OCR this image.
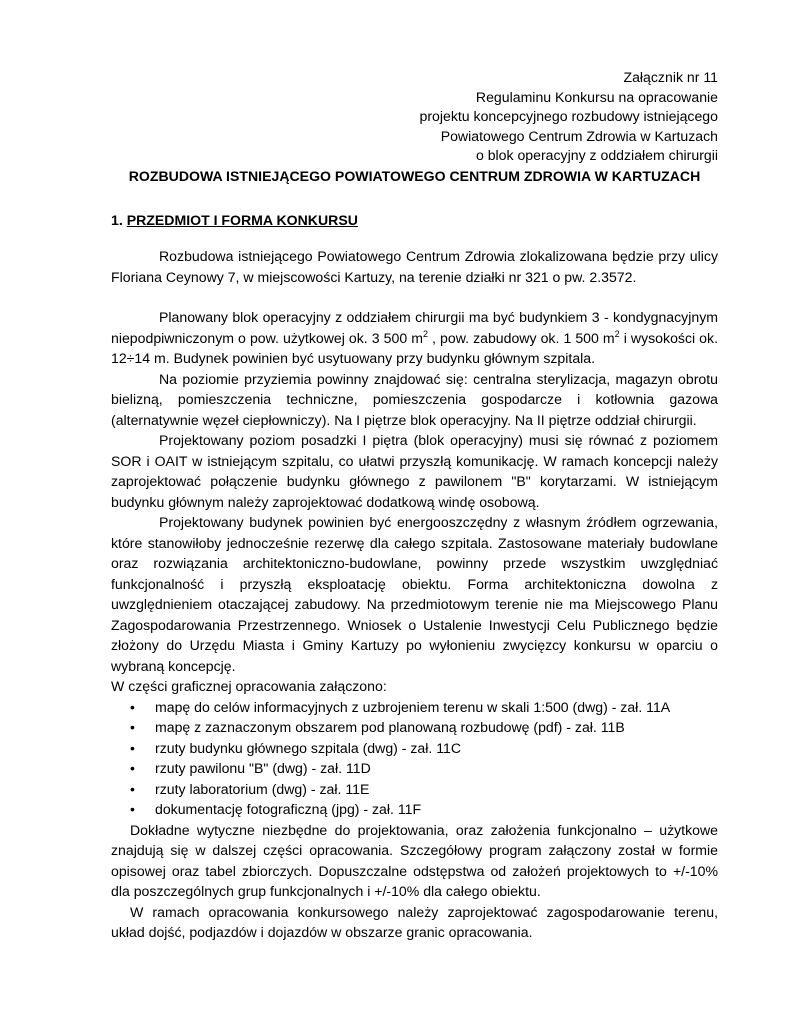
Załącznik nr 11
Regulaminu Konkursu na opracowanie
projektu koncepcyjnego rozbudowy istniejącego
Powiatowego Centrum Zdrowia w Kartuzach
o blok operacyjny z oddziałem chirurgii
ROZBUDOWA ISTNIEJĄCEGO POWIATOWEGO CENTRUM ZDROWIA W KARTUZACH
1. PRZEDMIOT I FORMA KONKURSU

Rozbudowa istniejącego Powiatowego Centrum Zdrowia zlokalizowana będzie przy ulicy Floriana Ceynowy 7, w miejscowości Kartuzy, na terenie działki nr 321 o pw. 2.3572.

Planowany blok operacyjny z oddziałem chirurgii ma być budynkiem 3 - kondygnacyjnym niepodpiwniczonym o pow. użytkowej ok. 3 500 $m^2$ , pow. zabudowy ok. 1 500 $m^2$ i wysokości ok. 12÷14 m. Budynek powinien być usytuowany przy budynku głównym szpitala.

Na poziomie przyziemia powinny znajdować się: centralna sterylizacja, magazyn obrotu bielizną, pomieszczenia techniczne, pomieszczenia gospodarcze i kotłownia gazowa (alternatywnie węzeł ciepłowniczy). Na I piętrze blok operacyjny. Na II piętrze oddział chirurgii.

Projektowany poziom posadzki I piętra (blok operacyjny) musi się równać z poziomem SOR i OAIT w istniejącym szpitalu, co ułatwi przyszłą komunikację. W ramach koncepcji należy zaprojektować połączenie budynku głównego z pawilonem "B" korytarzami. W istniejącym budynku głównym należy zaprojektować dodatkową windę osobową.

Projektowany budynek powinien być energooszczędny z własnym źródłem ogrzewania, które stanowiłoby jednocześnie rezerwę dla całego szpitala. Zastosowane materiały budowlane oraz rozwiązania architektoniczno-budowlane, powinny przede wszystkim uwzględniać funkcjonalność i przyszłą eksploatację obiektu. Forma architektoniczna dowolna z uwzględnieniem otaczającej zabudowy. Na przedmiotowym terenie nie ma Miejscowego Planu Zagospodarowania Przestrzennego. Wniosek o Ustalenie Inwestycji Celu Publicznego będzie złożony do Urzędu Miasta i Gminy Kartuzy po wyłonieniu zwycięzcy konkursu w oparciu o wybraną koncepcję.

W części graficznej opracowania załączono:

• mapę do celów informacyjnych z uzbrojeniem terenu w skali 1:500 (dwg) - zał. 11A
• mapę z zaznaczonym obszarem pod planowaną rozbudowę (pdf) - zał. 11B
• rzuty budynku głównego szpitala (dwg) - zał. 11C
• rzuty pawilonu "B" (dwg) - zał. 11D
• rzuty laboratorium (dwg) - zał. 11E
• dokumentację fotograficzną (jpg) - zał. 11F

Dokładne wytyczne niezbędne do projektowania, oraz założenia funkcjonalno – użytkowe znajdują się w dalszej części opracowania. Szczegółowy program załączony został w formie opisowej oraz tabel zbiorczych. Dopuszczalne odstępstwa od założeń projektowych to +/-10% dla poszczególnych grup funkcjonalnych i +/-10% dla całego obiektu.

W ramach opracowania konkursowego należy zaprojektować zagospodarowanie terenu, układ dojść, podjazdów i dojazdów w obszarze granic opracowania.
